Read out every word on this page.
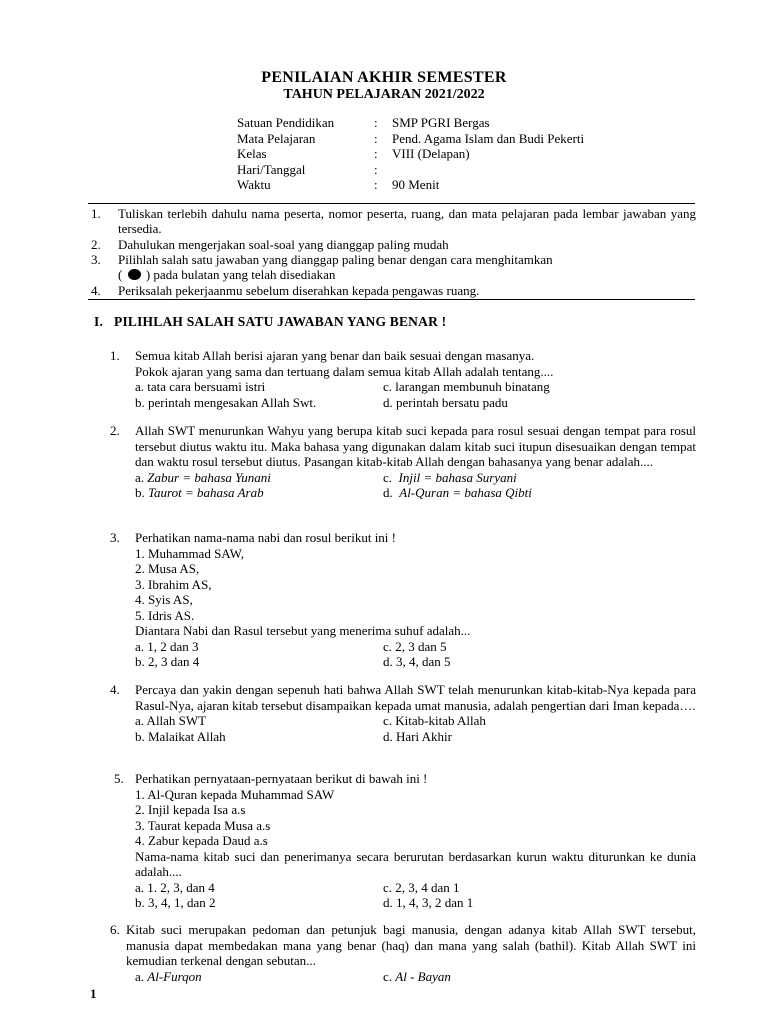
PENILAIAN AKHIR SEMESTER
TAHUN PELAJARAN 2021/2022
Satuan Pendidikan	: SMP PGRI Bergas
Mata Pelajaran	: Pend. Agama Islam dan Budi Pekerti
Kelas	: VIII (Delapan)
Hari/Tanggal	:
Waktu	: 90 Menit
1. Tuliskan terlebih dahulu nama peserta, nomor peserta, ruang, dan mata pelajaran pada lembar jawaban yang tersedia.
2. Dahulukan mengerjakan soal-soal yang dianggap paling mudah
3. Pilihlah salah satu jawaban yang dianggap paling benar dengan cara menghitamkan
( ) pada bulatan yang telah disediakan
4. Periksalah pekerjaanmu sebelum diserahkan kepada pengawas ruang.
I. PILIHLAH SALAH SATU JAWABAN YANG BENAR !
1. Semua kitab Allah berisi ajaran yang benar dan baik sesuai dengan masanya.
Pokok ajaran yang sama dan tertuang dalam semua kitab Allah adalah tentang....
a. tata cara bersuami istri	c. larangan membunuh binatang
b. perintah mengesakan Allah Swt.	d. perintah bersatu padu
2. Allah SWT menurunkan Wahyu yang berupa kitab suci kepada para rosul sesuai dengan tempat para rosul tersebut diutus waktu itu. Maka bahasa yang digunakan dalam kitab suci itupun disesuaikan dengan tempat dan waktu rosul tersebut diutus. Pasangan kitab-kitab Allah dengan bahasanya yang benar adalah....
a. Zabur = bahasa Yunani	c. Injil = bahasa Suryani
b. Taurot = bahasa Arab	d. Al-Quran = bahasa Qibti
3. Perhatikan nama-nama nabi dan rosul berikut ini !
1. Muhammad SAW,
2. Musa AS,
3. Ibrahim AS,
4. Syis AS,
5. Idris AS.
Diantara Nabi dan Rasul tersebut yang menerima suhuf adalah...
a. 1, 2 dan 3	c. 2, 3 dan 5
b. 2, 3 dan 4	d. 3, 4, dan 5
4. Percaya dan yakin dengan sepenuh hati bahwa Allah SWT telah menurunkan kitab-kitab-Nya kepada para Rasul-Nya, ajaran kitab tersebut disampaikan kepada umat manusia, adalah pengertian dari Iman kepada….
a. Allah SWT	c. Kitab-kitab Allah
b. Malaikat Allah	d. Hari Akhir
5. Perhatikan pernyataan-pernyataan berikut di bawah ini !
1. Al-Quran kepada Muhammad SAW
2. Injil kepada Isa a.s
3. Taurat kepada Musa a.s
4. Zabur kepada Daud a.s
Nama-nama kitab suci dan penerimanya secara berurutan berdasarkan kurun waktu diturunkan ke dunia adalah....
a. 1. 2, 3, dan 4	c. 2, 3, 4 dan 1
b. 3, 4, 1, dan 2	d. 1, 4, 3, 2 dan 1
6. Kitab suci merupakan pedoman dan petunjuk bagi manusia, dengan adanya kitab Allah SWT tersebut, manusia dapat membedakan mana yang benar (haq) dan mana yang salah (bathil). Kitab Allah SWT ini kemudian terkenal dengan sebutan...
a. Al-Furqon	c. Al - Bayan
1
